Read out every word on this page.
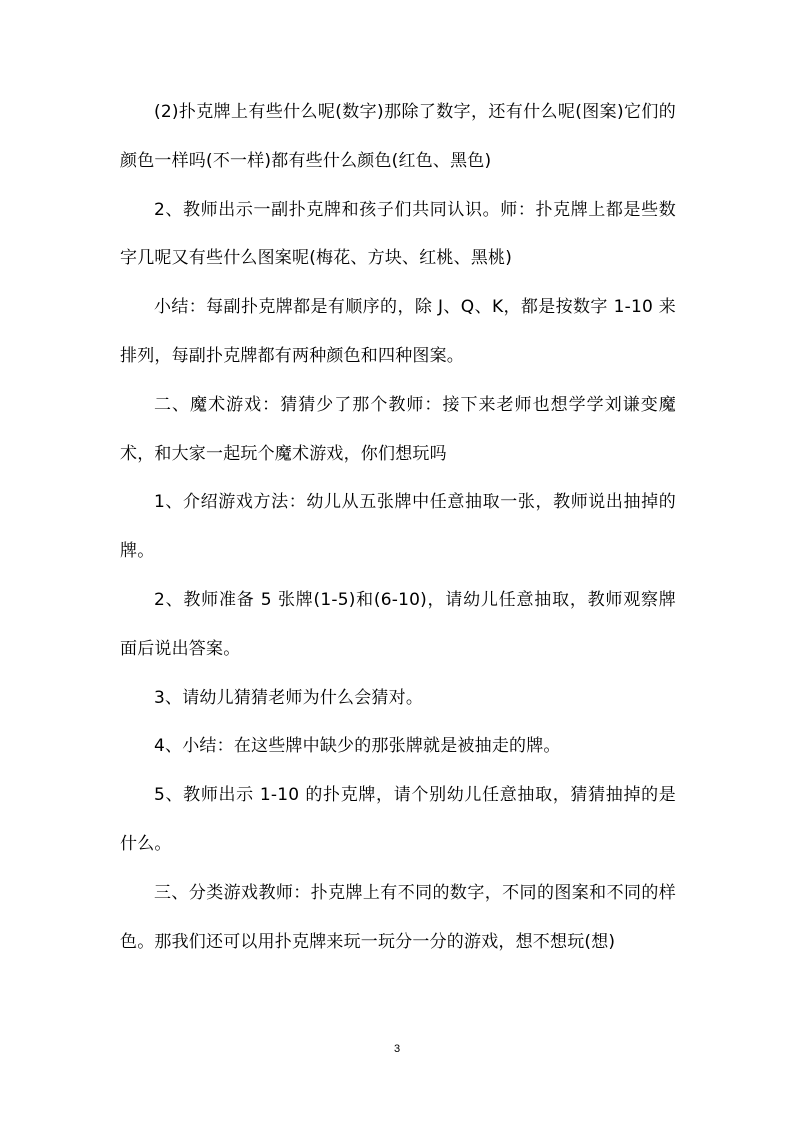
(2)扑克牌上有些什么呢(数字)那除了数字，还有什么呢(图案)它们的颜色一样吗(不一样)都有些什么颜色(红色、黑色)

2、教师出示一副扑克牌和孩子们共同认识。师：扑克牌上都是些数字几呢又有些什么图案呢(梅花、方块、红桃、黑桃)

小结：每副扑克牌都是有顺序的，除 J、Q、K，都是按数字 1-10 来排列，每副扑克牌都有两种颜色和四种图案。

二、魔术游戏：猜猜少了那个教师：接下来老师也想学学刘谦变魔术，和大家一起玩个魔术游戏，你们想玩吗

1、介绍游戏方法：幼儿从五张牌中任意抽取一张，教师说出抽掉的牌。

2、教师准备 5 张牌(1-5)和(6-10)，请幼儿任意抽取，教师观察牌面后说出答案。

3、请幼儿猜猜老师为什么会猜对。

4、小结：在这些牌中缺少的那张牌就是被抽走的牌。

5、教师出示 1-10 的扑克牌，请个别幼儿任意抽取，猜猜抽掉的是什么。

三、分类游戏教师：扑克牌上有不同的数字，不同的图案和不同的样色。那我们还可以用扑克牌来玩一玩分一分的游戏，想不想玩(想)

3
